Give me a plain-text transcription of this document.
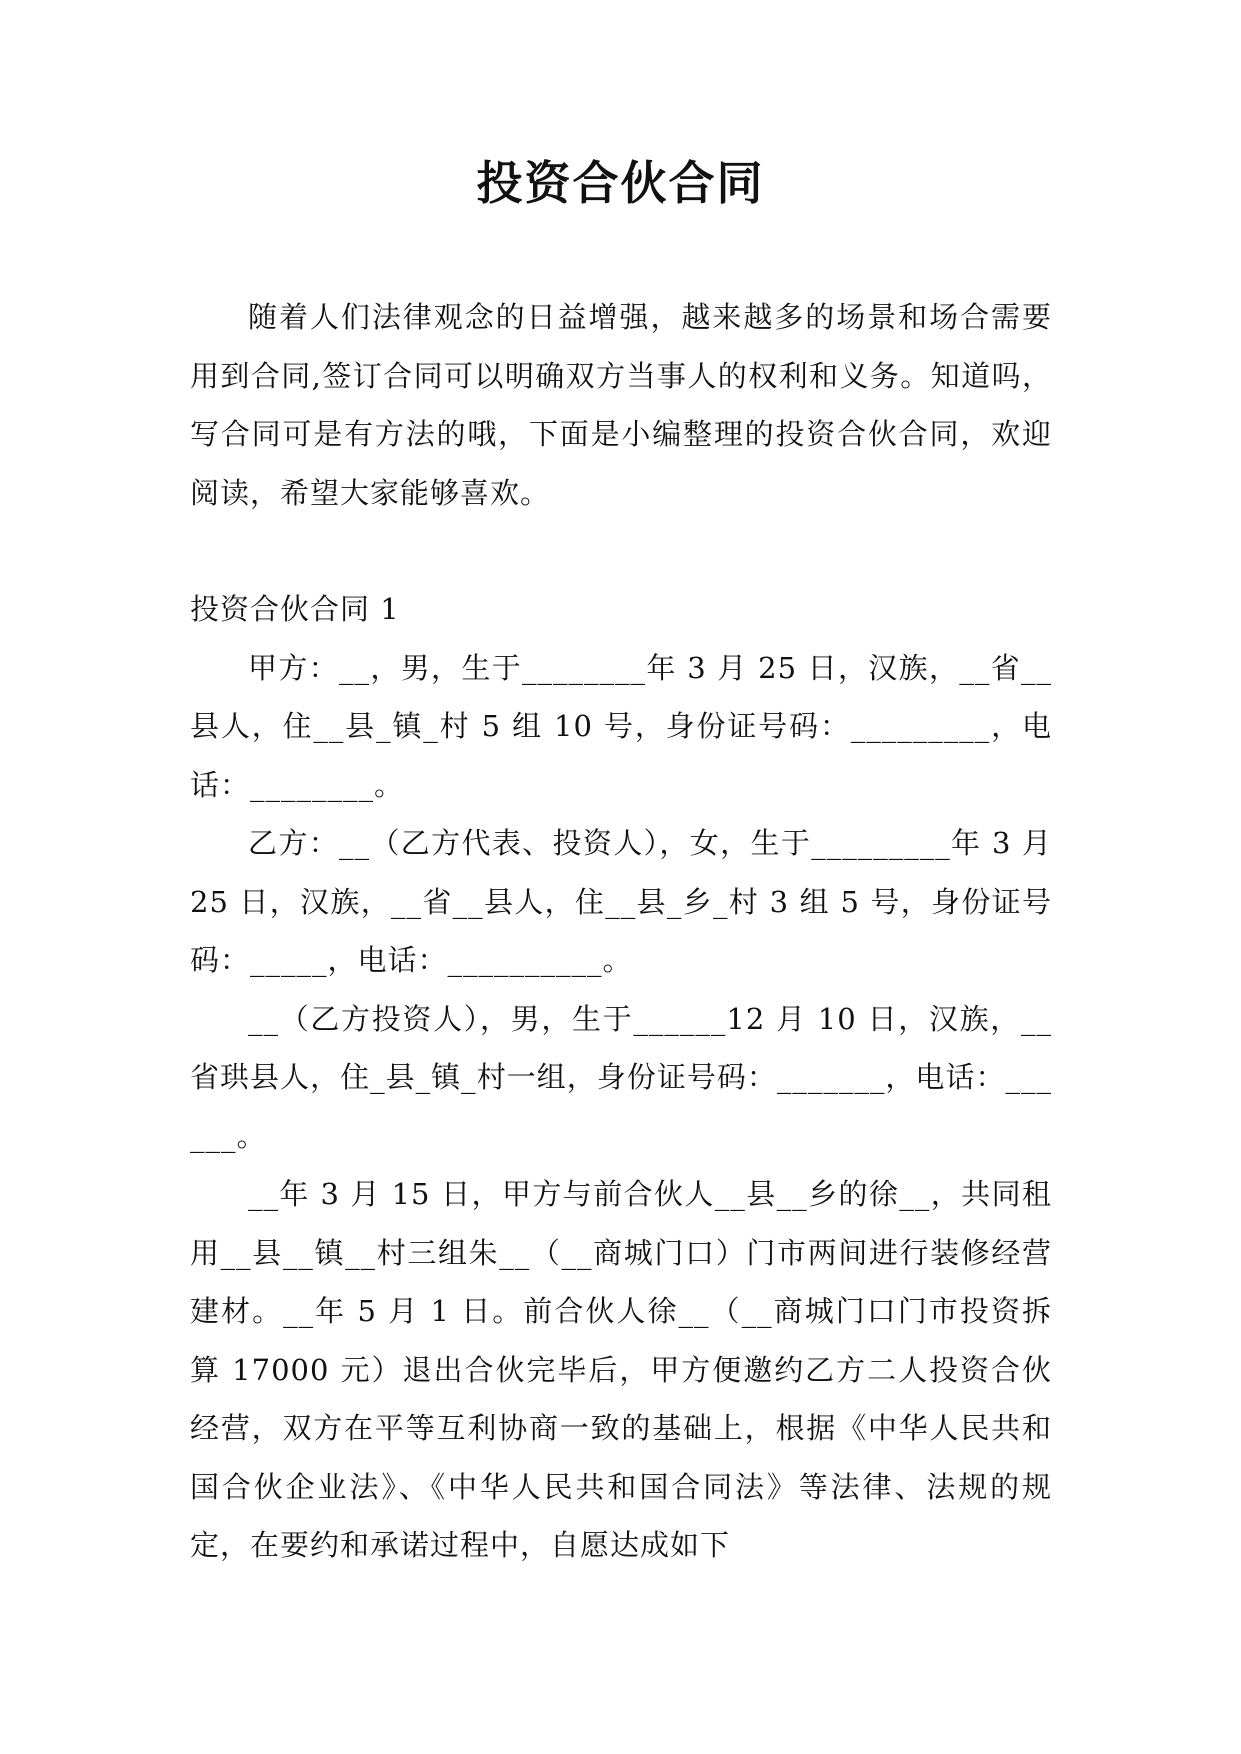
投资合伙合同

随着人们法律观念的日益增强，越来越多的场景和场合需要用到合同,签订合同可以明确双方当事人的权利和义务。知道吗，写合同可是有方法的哦，下面是小编整理的投资合伙合同，欢迎阅读，希望大家能够喜欢。

投资合伙合同 1

甲方：__，男，生于________年 3 月 25 日，汉族，__省__县人，住__县_镇_村 5 组 10 号，身份证号码：_________，电话：________。

乙方：__（乙方代表、投资人），女，生于_________年 3 月 25 日，汉族，__省__县人，住__县_乡_村 3 组 5 号，身份证号码：_____，电话：__________。

__（乙方投资人），男，生于______12 月 10 日，汉族，__省珙县人，住_县_镇_村一组，身份证号码：_______，电话：______。

__年 3 月 15 日，甲方与前合伙人__县__乡的徐__，共同租用__县__镇__村三组朱__（__商城门口）门市两间进行装修经营建材。__年 5 月 1 日。前合伙人徐__（__商城门口门市投资拆算 17000 元）退出合伙完毕后，甲方便邀约乙方二人投资合伙经营，双方在平等互利协商一致的基础上，根据《中华人民共和国合伙企业法》、《中华人民共和国合同法》等法律、法规的规定，在要约和承诺过程中，自愿达成如下
